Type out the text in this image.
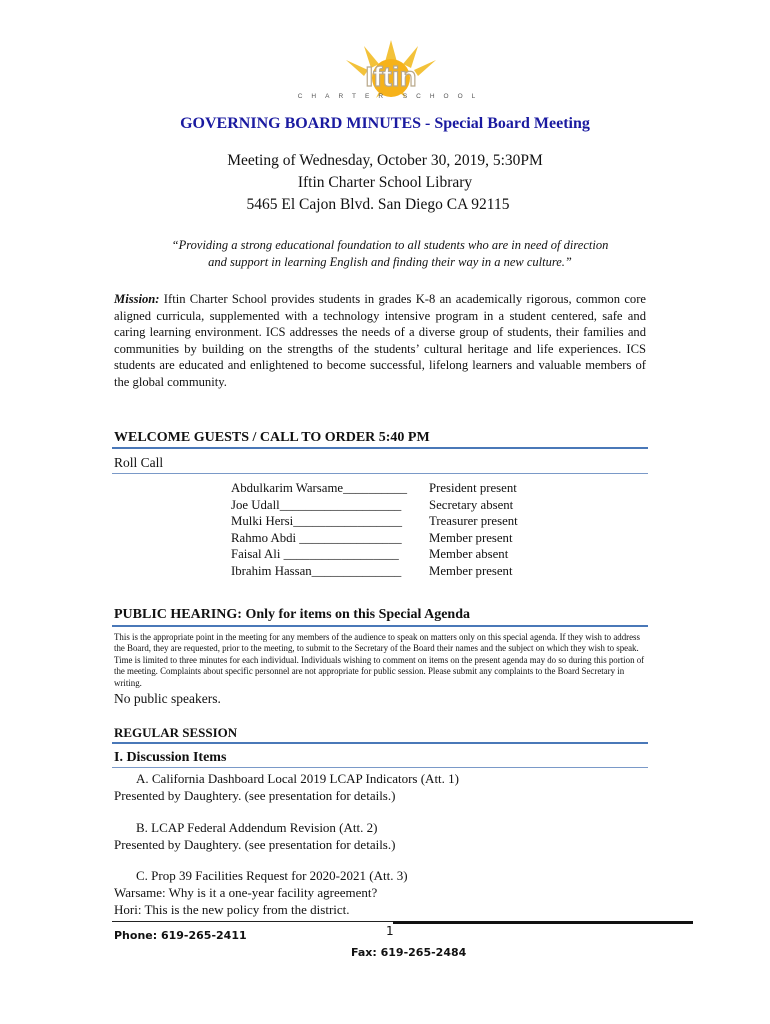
Iftin
CHARTER SCHOOL
GOVERNING BOARD MINUTES - Special Board Meeting
Meeting of Wednesday, October 30, 2019, 5:30PM
Iftin Charter School Library
5465 El Cajon Blvd. San Diego CA 92115
“Providing a strong educational foundation to all students who are in need of direction
and support in learning English and finding their way in a new culture.”
Mission: Iftin Charter School provides students in grades K-8 an academically rigorous, common core aligned curricula, supplemented with a technology intensive program in a student centered, safe and caring learning environment. ICS addresses the needs of a diverse group of students, their families and communities by building on the strengths of the students’ cultural heritage and life experiences. ICS students are educated and enlightened to become successful, lifelong learners and valuable members of the global community.
WELCOME GUESTS / CALL TO ORDER 5:40 PM
Roll Call
Abdulkarim Warsame__________	President present
Joe Udall___________________	Secretary absent
Mulki Hersi_________________	Treasurer present
Rahmo Abdi ________________	Member present
Faisal Ali __________________	Member absent
Ibrahim Hassan______________	Member present
PUBLIC HEARING: Only for items on this Special Agenda
This is the appropriate point in the meeting for any members of the audience to speak on matters only on this special agenda. If they wish to address the Board, they are requested, prior to the meeting, to submit to the Secretary of the Board their names and the subject on which they wish to speak. Time is limited to three minutes for each individual. Individuals wishing to comment on items on the present agenda may do so during this portion of the meeting. Complaints about specific personnel are not appropriate for public session. Please submit any complaints to the Board Secretary in writing.
No public speakers.
REGULAR SESSION
I. Discussion Items
A. California Dashboard Local 2019 LCAP Indicators (Att. 1)
Presented by Daughtery. (see presentation for details.)
B. LCAP Federal Addendum Revision (Att. 2)
Presented by Daughtery. (see presentation for details.)
C. Prop 39 Facilities Request for 2020-2021 (Att. 3)
Warsame: Why is it a one-year facility agreement?
Hori: This is the new policy from the district.
1
Phone: 619-265-2411
Fax: 619-265-2484
